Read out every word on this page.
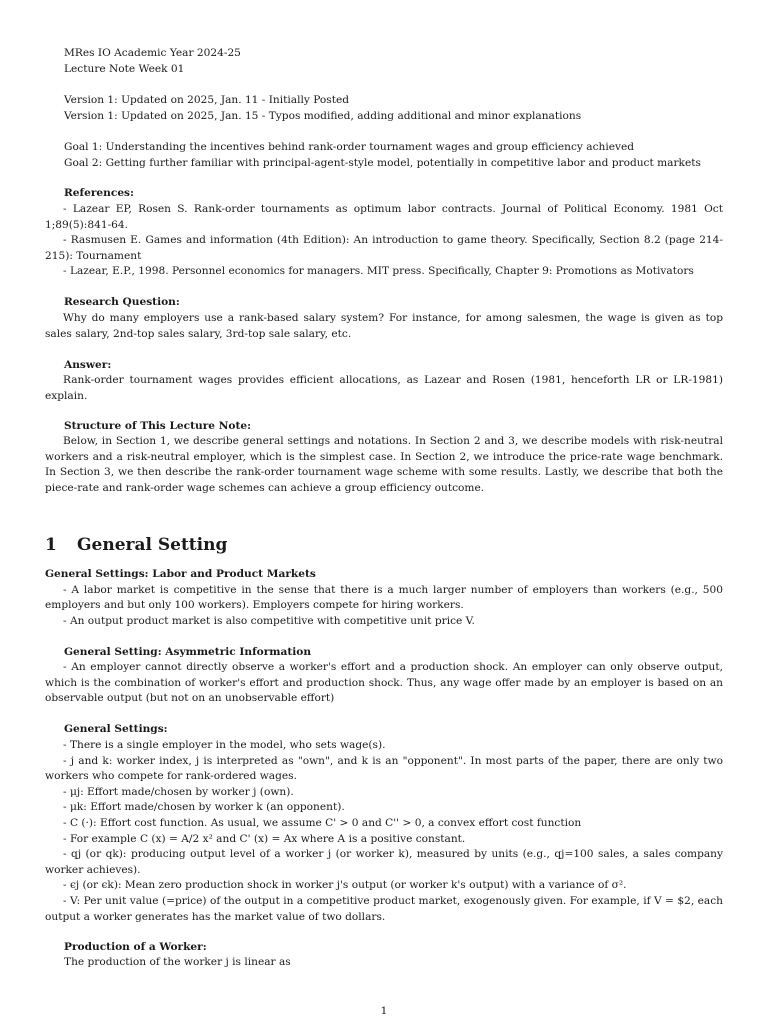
MRes IO Academic Year 2024-25
Lecture Note Week 01
Version 1: Updated on 2025, Jan. 11 - Initially Posted
Version 1: Updated on 2025, Jan. 15 - Typos modified, adding additional and minor explanations
Goal 1: Understanding the incentives behind rank-order tournament wages and group efficiency achieved
Goal 2: Getting further familiar with principal-agent-style model, potentially in competitive labor and product markets
References:
- Lazear EP, Rosen S. Rank-order tournaments as optimum labor contracts. Journal of Political Economy. 1981 Oct 1;89(5):841-64.
- Rasmusen E. Games and information (4th Edition): An introduction to game theory. Specifically, Section 8.2 (page 214-215): Tournament
- Lazear, E.P., 1998. Personnel economics for managers. MIT press. Specifically, Chapter 9: Promotions as Motivators
Research Question:
Why do many employers use a rank-based salary system? For instance, for among salesmen, the wage is given as top sales salary, 2nd-top sales salary, 3rd-top sale salary, etc.
Answer:
Rank-order tournament wages provides efficient allocations, as Lazear and Rosen (1981, henceforth LR or LR-1981) explain.
Structure of This Lecture Note:
Below, in Section 1, we describe general settings and notations. In Section 2 and 3, we describe models with risk-neutral workers and a risk-neutral employer, which is the simplest case. In Section 2, we introduce the price-rate wage benchmark. In Section 3, we then describe the rank-order tournament wage scheme with some results. Lastly, we describe that both the piece-rate and rank-order wage schemes can achieve a group efficiency outcome.
1 General Setting
General Settings: Labor and Product Markets
- A labor market is competitive in the sense that there is a much larger number of employers than workers (e.g., 500 employers and but only 100 workers). Employers compete for hiring workers.
- An output product market is also competitive with competitive unit price V.
General Setting: Asymmetric Information
- An employer cannot directly observe a worker's effort and a production shock. An employer can only observe output, which is the combination of worker's effort and production shock. Thus, any wage offer made by an employer is based on an observable output (but not on an unobservable effort)
General Settings:
- There is a single employer in the model, who sets wage(s).
- j and k: worker index, j is interpreted as "own", and k is an "opponent". In most parts of the paper, there are only two workers who compete for rank-ordered wages.
- μj: Effort made/chosen by worker j (own).
- μk: Effort made/chosen by worker k (an opponent).
- C (·): Effort cost function. As usual, we assume C' > 0 and C'' > 0, a convex effort cost function
- For example C (x) = A/2 x² and C' (x) = Ax where A is a positive constant.
- qj (or qk): producing output level of a worker j (or worker k), measured by units (e.g., qj=100 sales, a sales company worker achieves).
- ϵj (or ϵk): Mean zero production shock in worker j's output (or worker k's output) with a variance of σ².
- V: Per unit value (=price) of the output in a competitive product market, exogenously given. For example, if V = $2, each output a worker generates has the market value of two dollars.
Production of a Worker:
The production of the worker j is linear as
1
